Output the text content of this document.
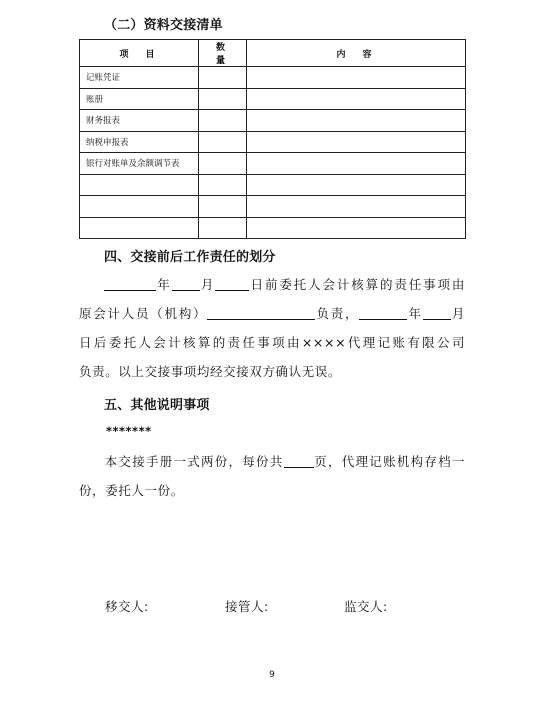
（二）资料交接清单
项　目	数　量	内　容
记账凭证		
账册		
财务报表		
纳税申报表		
银行对账单及余额调节表		

四、交接前后工作责任的划分
年 月	日前委托人会计核算的责任事项由
原会计人员（机构）	负责，	年 月
日后委托人会计核算的责任事项由××××代理记账有限公司
负责。以上交接事项均经交接双方确认无误。
五、其他说明事项
*******
本交接手册一式两份，每份共 页，代理记账机构存档一
份，委托人一份。
移交人:	接管人:	监交人:
9
